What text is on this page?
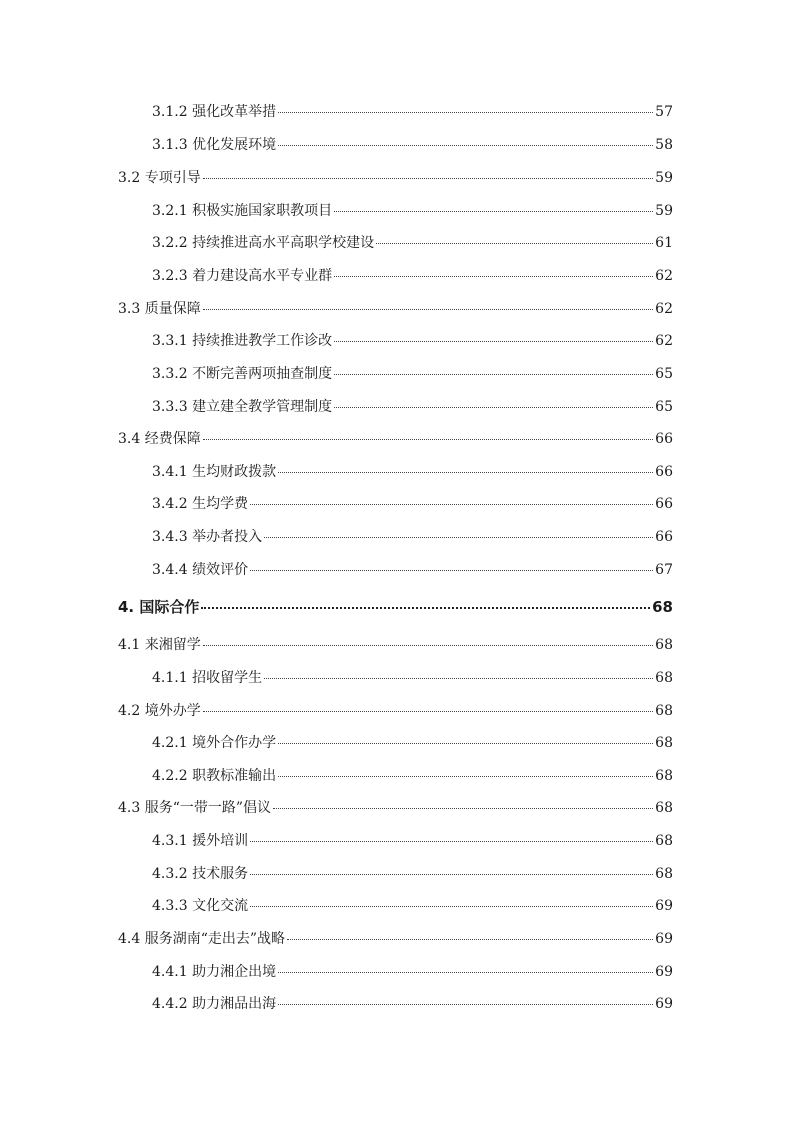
3.1.2 强化改革举措	57
3.1.3 优化发展环境	58
3.2 专项引导	59
3.2.1 积极实施国家职教项目	59
3.2.2 持续推进高水平高职学校建设	61
3.2.3 着力建设高水平专业群	62
3.3 质量保障	62
3.3.1 持续推进教学工作诊改	62
3.3.2 不断完善两项抽查制度	65
3.3.3 建立建全教学管理制度	65
3.4 经费保障	66
3.4.1 生均财政拨款	66
3.4.2 生均学费	66
3.4.3 举办者投入	66
3.4.4 绩效评价	67
4. 国际合作	68
4.1 来湘留学	68
4.1.1 招收留学生	68
4.2 境外办学	68
4.2.1 境外合作办学	68
4.2.2 职教标准输出	68
4.3 服务“一带一路”倡议	68
4.3.1 援外培训	68
4.3.2 技术服务	68
4.3.3 文化交流	69
4.4 服务湖南“走出去”战略	69
4.4.1 助力湘企出境	69
4.4.2 助力湘品出海	69
